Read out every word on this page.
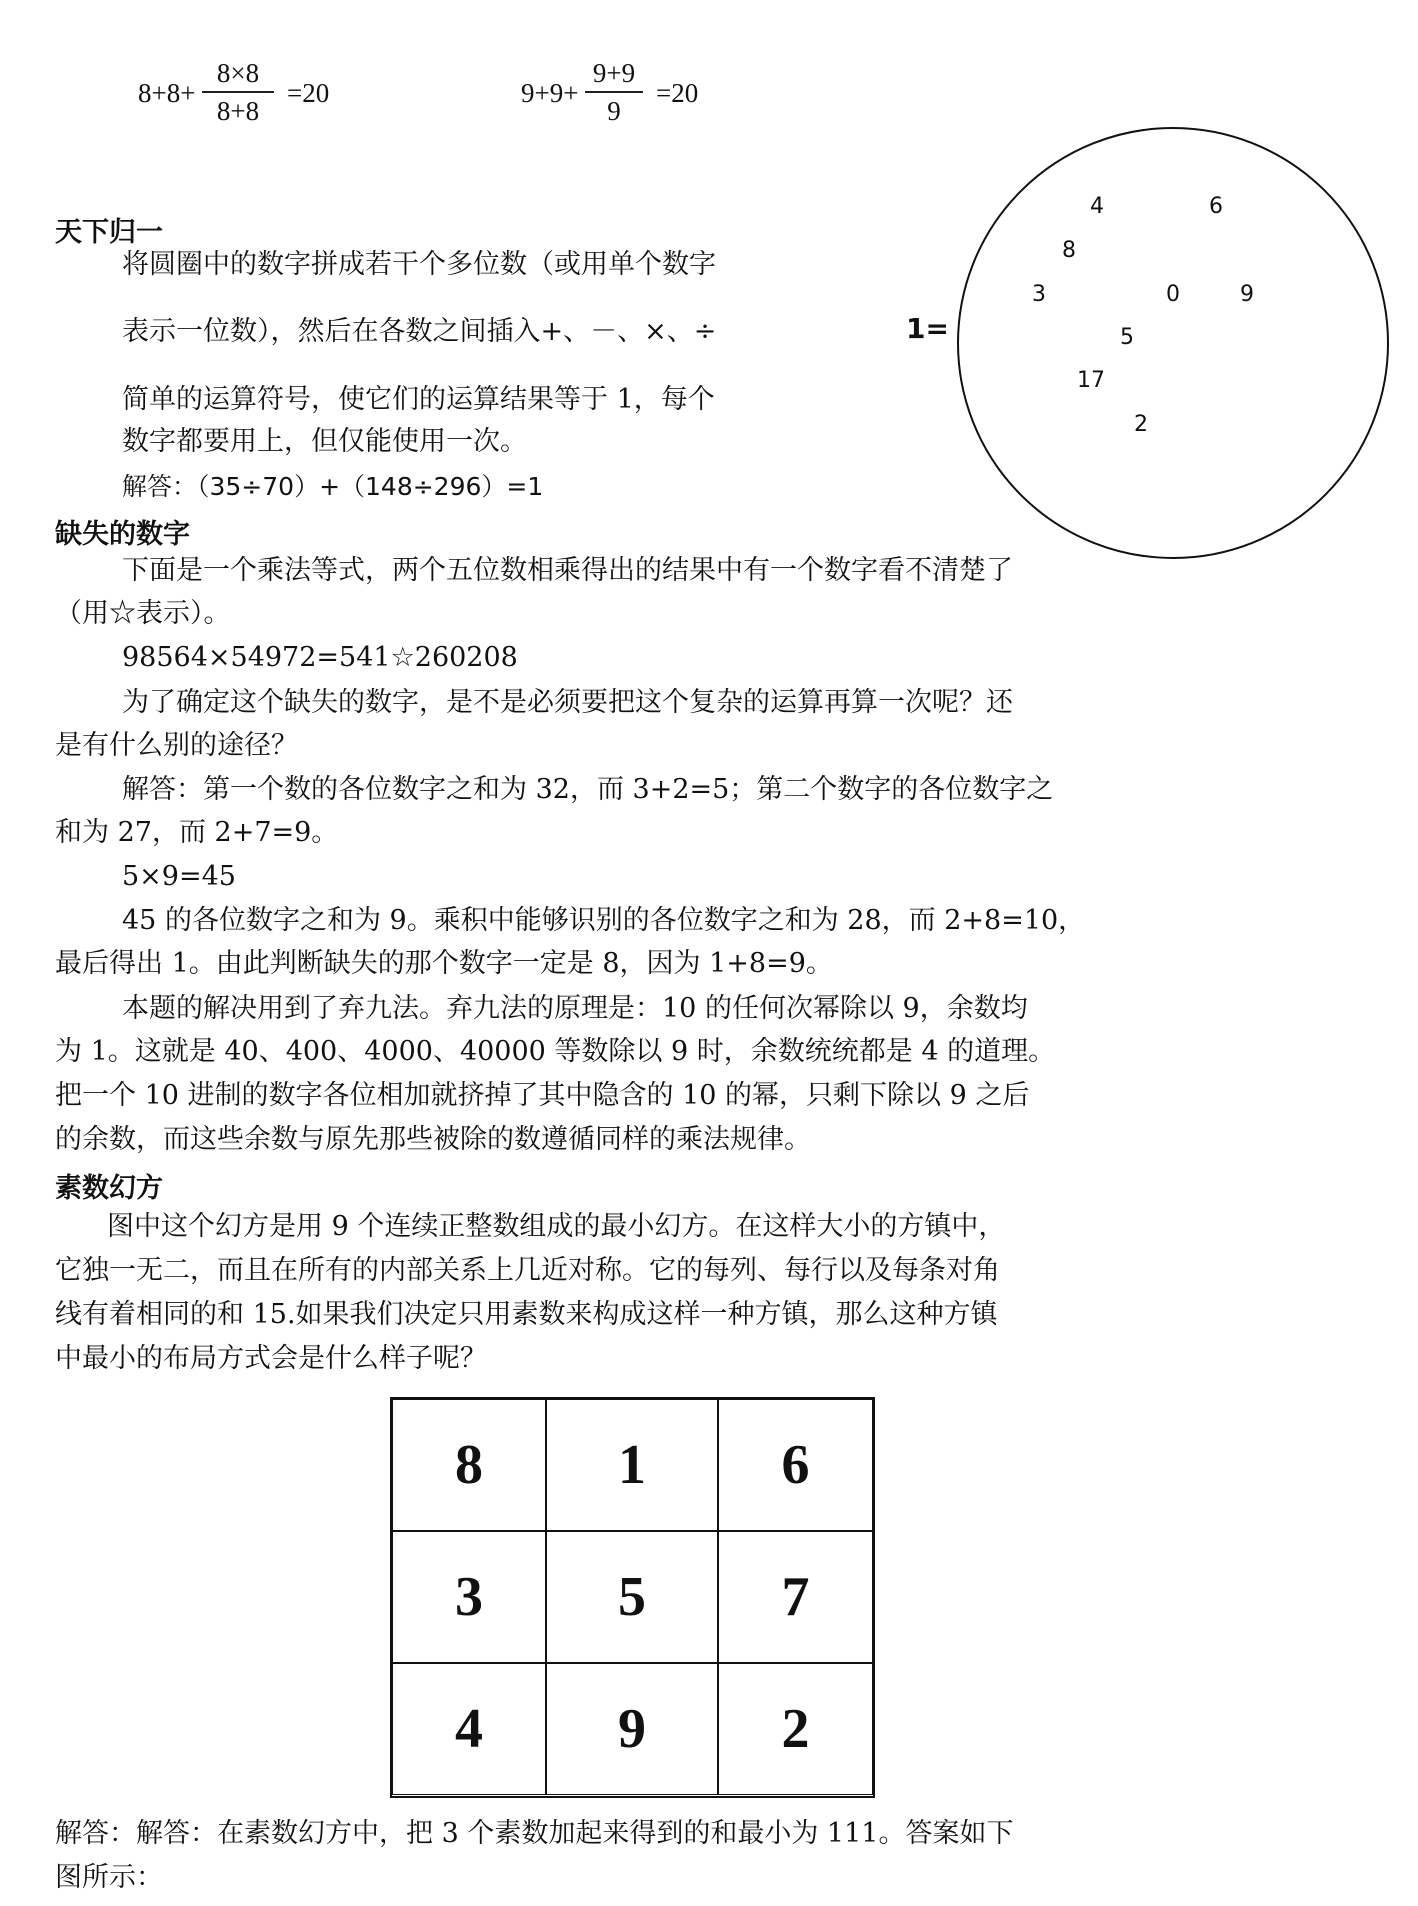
$8+8+ \frac{8\times 8}{8+8} =20$	$9+9+ \frac{9+9}{9} =20$
天下归一
将圆圈中的数字拼成若干个多位数（或用单个数字
表示一位数），然后在各数之间插入+、－、×、÷
简单的运算符号，使它们的运算结果等于 1，每个
数字都要用上，但仅能使用一次。
解答：（35÷70）+（148÷296）=1
1=
4	6
8
3	0	9
5
17
2
缺失的数字
下面是一个乘法等式，两个五位数相乘得出的结果中有一个数字看不清楚了
（用☆表示）。
98564×54972=541☆260208
为了确定这个缺失的数字，是不是必须要把这个复杂的运算再算一次呢？还
是有什么别的途径？
解答：第一个数的各位数字之和为 32，而 3+2=5；第二个数字的各位数字之
和为 27，而 2+7=9。
5×9=45
45 的各位数字之和为 9。乘积中能够识别的各位数字之和为 28，而 2+8=10，
最后得出 1。由此判断缺失的那个数字一定是 8，因为 1+8=9。
本题的解决用到了弃九法。弃九法的原理是：10 的任何次幂除以 9，余数均
为 1。这就是 40、400、4000、40000 等数除以 9 时，余数统统都是 4 的道理。
把一个 10 进制的数字各位相加就挤掉了其中隐含的 10 的幂，只剩下除以 9 之后
的余数，而这些余数与原先那些被除的数遵循同样的乘法规律。
素数幻方
图中这个幻方是用 9 个连续正整数组成的最小幻方。在这样大小的方镇中，
它独一无二，而且在所有的内部关系上几近对称。它的每列、每行以及每条对角
线有着相同的和 15.如果我们决定只用素数来构成这样一种方镇，那么这种方镇
中最小的布局方式会是什么样子呢？
8	1	6
3	5	7
4	9	2
解答：解答：在素数幻方中，把 3 个素数加起来得到的和最小为 111。答案如下
图所示：
